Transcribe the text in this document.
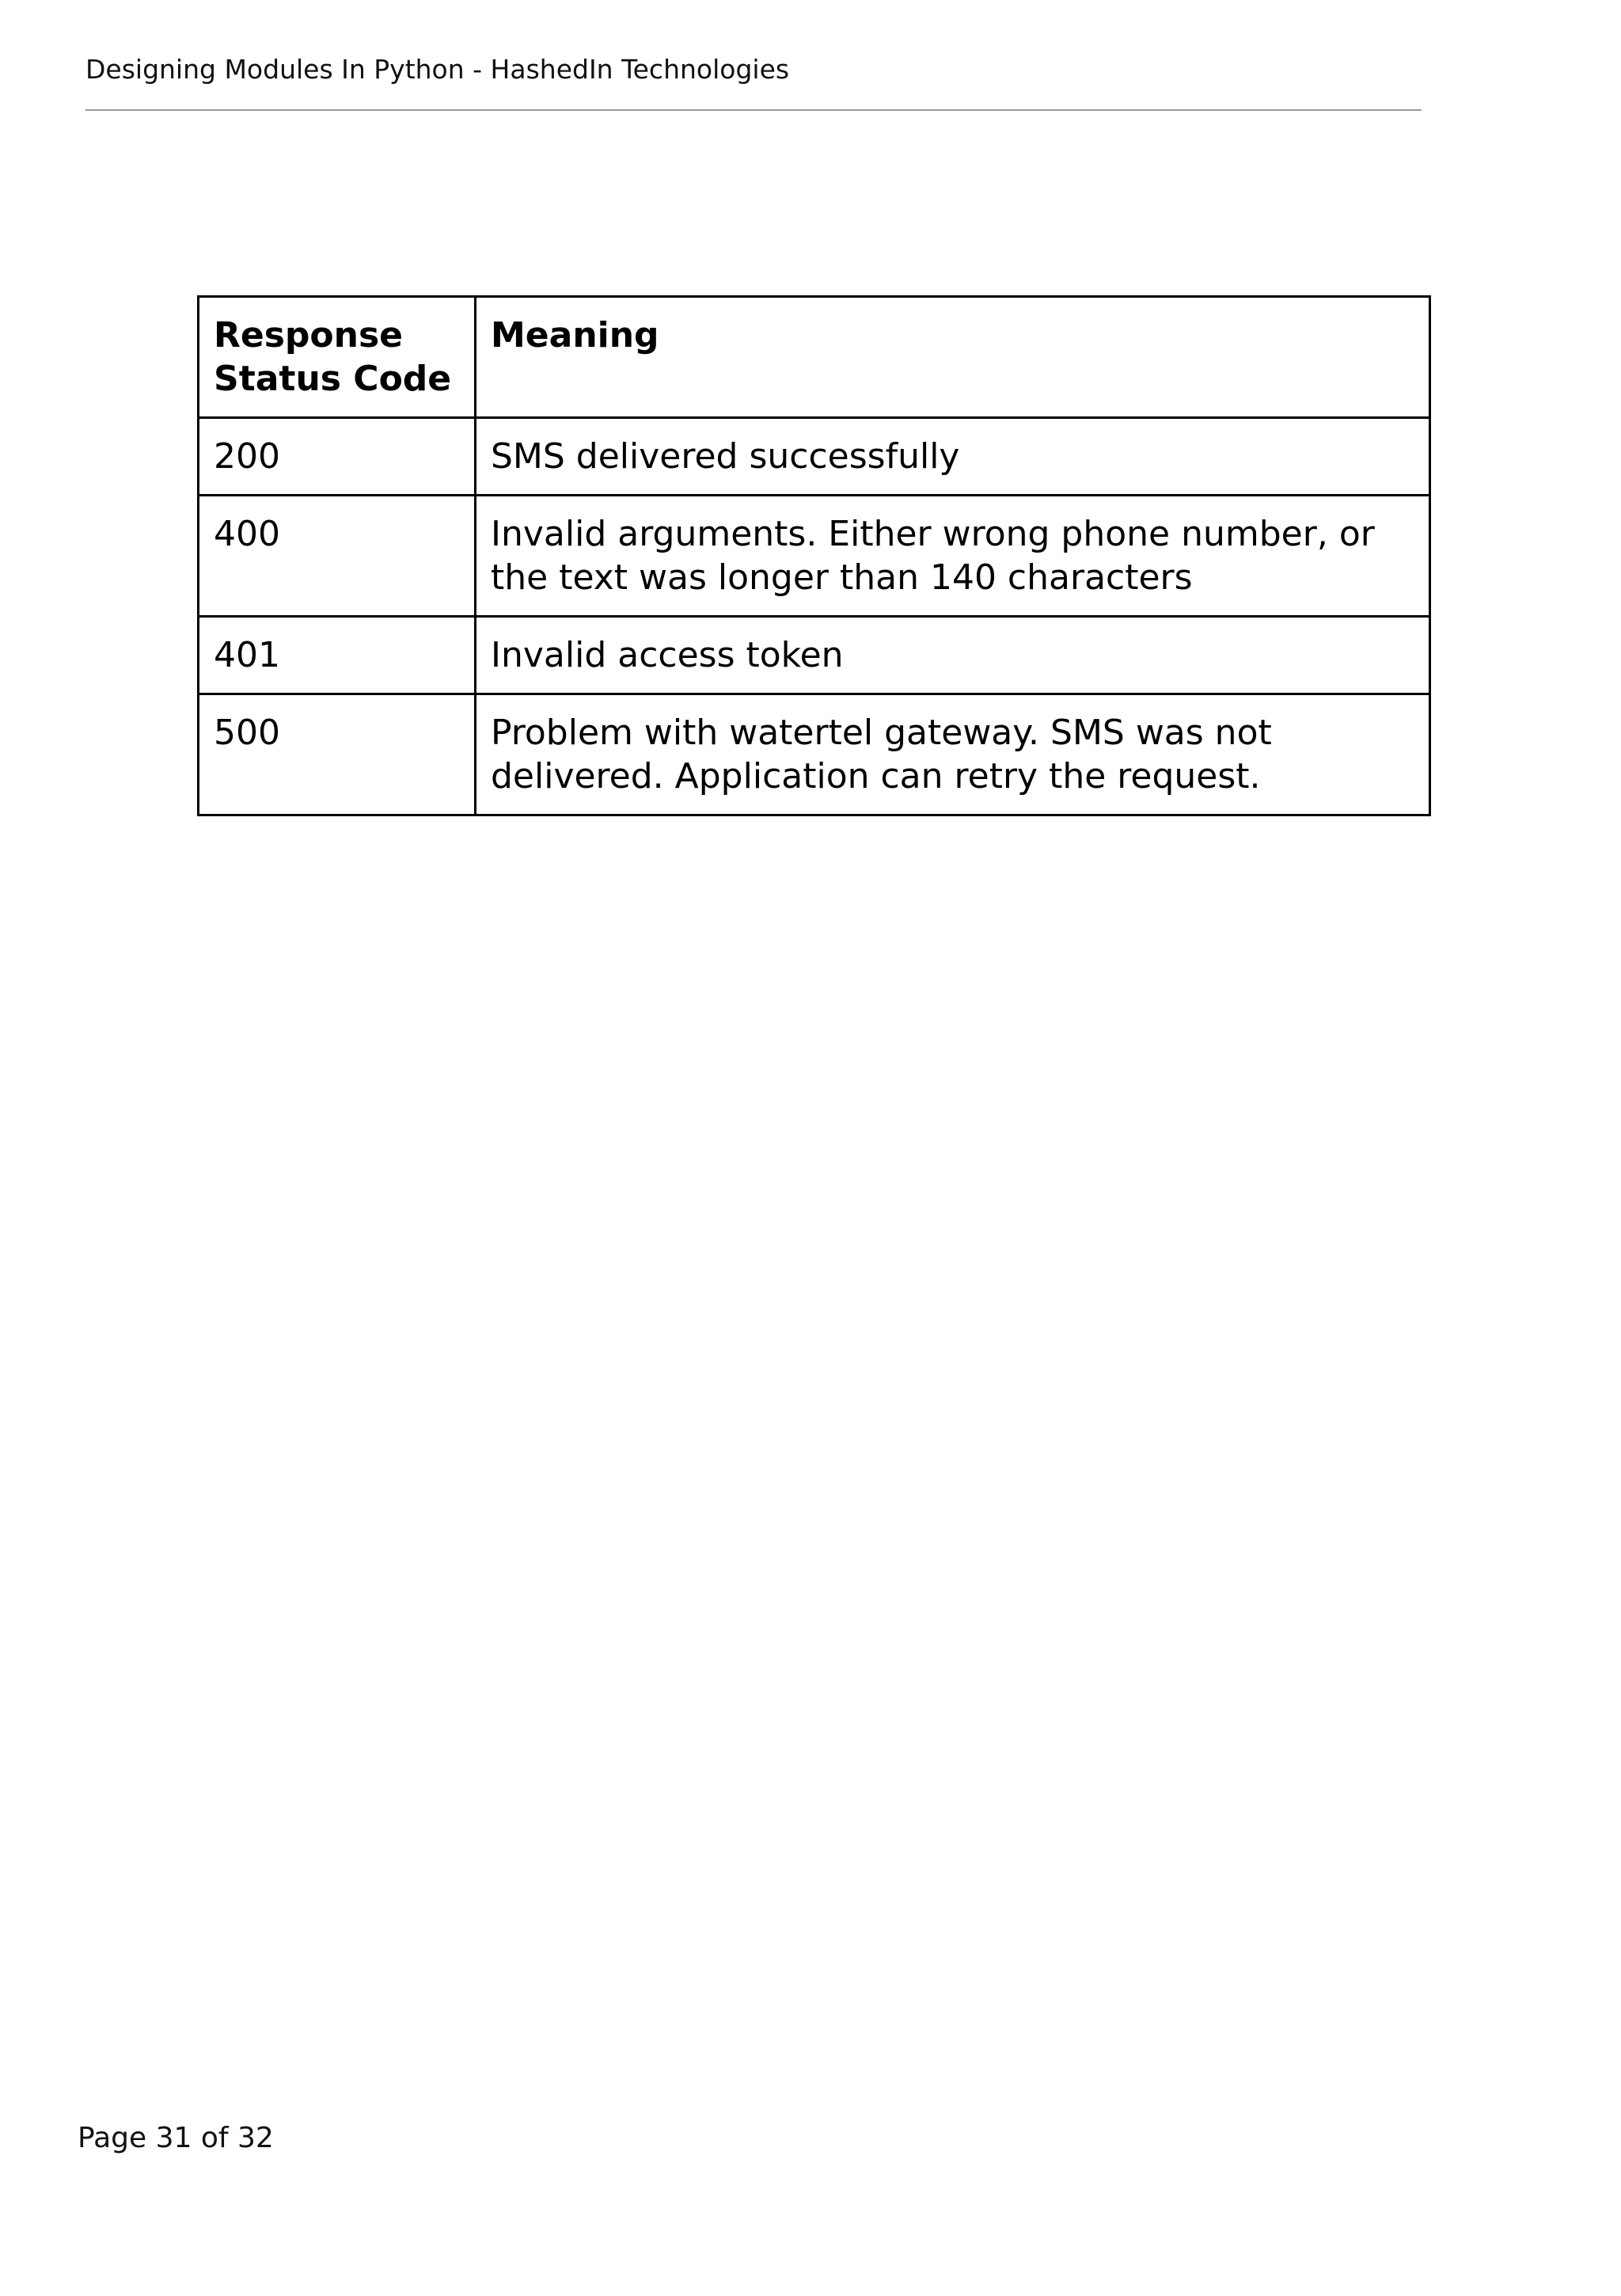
Designing Modules In Python - HashedIn Technologies
Response Status Code	Meaning
200	SMS delivered successfully
400	Invalid arguments. Either wrong phone number, or the text was longer than 140 characters
401	Invalid access token
500	Problem with watertel gateway. SMS was not delivered. Application can retry the request.
Page 31 of 32
